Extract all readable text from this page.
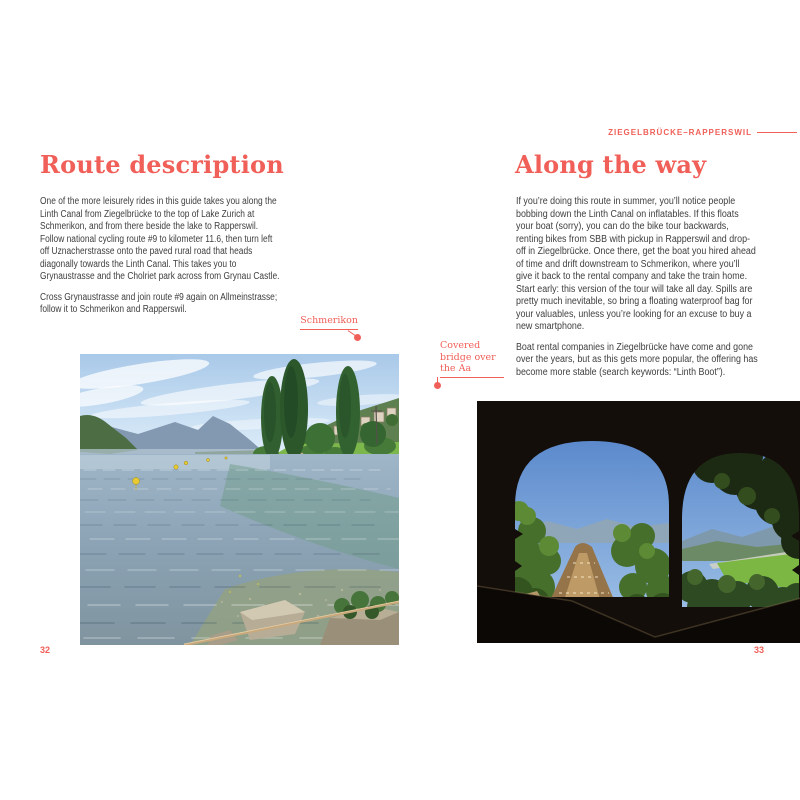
ZIEGELBRÜCKE–RAPPERSWIL
Route description

One of the more leisurely rides in this guide takes you along the Linth Canal from Ziegelbrücke to the top of Lake Zurich at Schmerikon, and from there beside the lake to Rapperswil. Follow national cycling route #9 to kilometer 11.6, then turn left off Uznacherstrasse onto the paved rural road that heads diagonally towards the Linth Canal. This takes you to Grynaustrasse and the Cholriet park across from Grynau Castle.

Cross Grynaustrasse and join route #9 again on Allmeinstrasse; follow it to Schmerikon and Rapperswil.

Schmerikon
32
Along the way

If you’re doing this route in summer, you’ll notice people bobbing down the Linth Canal on inflatables. If this floats your boat (sorry), you can do the bike tour backwards, renting bikes from SBB with pickup in Rapperswil and drop-off in Ziegelbrücke. Once there, get the boat you hired ahead of time and drift downstream to Schmerikon, where you’ll give it back to the rental company and take the train home. Start early: this version of the tour will take all day. Spills are pretty much inevitable, so bring a floating waterproof bag for your valuables, unless you’re looking for an excuse to buy a new smartphone.

Boat rental companies in Ziegelbrücke have come and gone over the years, but as this gets more popular, the offering has become more stable (search keywords: “Linth Boot”).

Covered bridge over the Aa
33
